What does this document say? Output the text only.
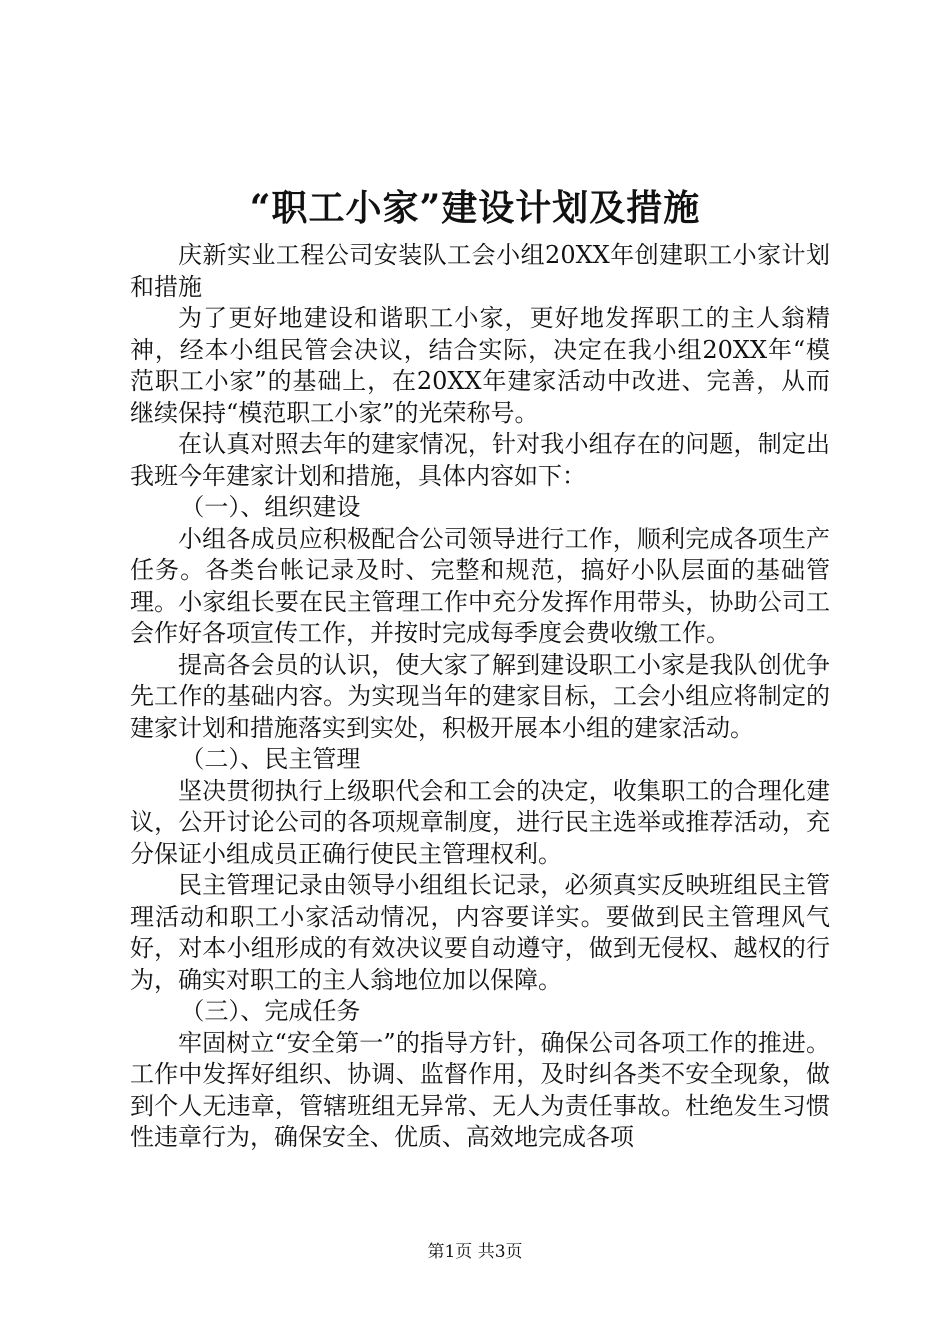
“职工小家”建设计划及措施

庆新实业工程公司安装队工会小组20XX年创建职工小家计划和措施

为了更好地建设和谐职工小家，更好地发挥职工的主人翁精神，经本小组民管会决议，结合实际，决定在我小组20XX年“模范职工小家”的基础上，在20XX年建家活动中改进、完善，从而继续保持“模范职工小家”的光荣称号。

在认真对照去年的建家情况，针对我小组存在的问题，制定出我班今年建家计划和措施，具体内容如下：

（一）、组织建设

小组各成员应积极配合公司领导进行工作，顺利完成各项生产任务。各类台帐记录及时、完整和规范，搞好小队层面的基础管理。小家组长要在民主管理工作中充分发挥作用带头，协助公司工会作好各项宣传工作，并按时完成每季度会费收缴工作。

提高各会员的认识，使大家了解到建设职工小家是我队创优争先工作的基础内容。为实现当年的建家目标，工会小组应将制定的建家计划和措施落实到实处，积极开展本小组的建家活动。

（二）、民主管理

坚决贯彻执行上级职代会和工会的决定，收集职工的合理化建议，公开讨论公司的各项规章制度，进行民主选举或推荐活动，充分保证小组成员正确行使民主管理权利。

民主管理记录由领导小组组长记录，必须真实反映班组民主管理活动和职工小家活动情况，内容要详实。要做到民主管理风气好，对本小组形成的有效决议要自动遵守，做到无侵权、越权的行为，确实对职工的主人翁地位加以保障。

（三）、完成任务

牢固树立“安全第一”的指导方针，确保公司各项工作的推进。工作中发挥好组织、协调、监督作用，及时纠各类不安全现象，做到个人无违章，管辖班组无异常、无人为责任事故。杜绝发生习惯性违章行为，确保安全、优质、高效地完成各项

第1页 共3页
